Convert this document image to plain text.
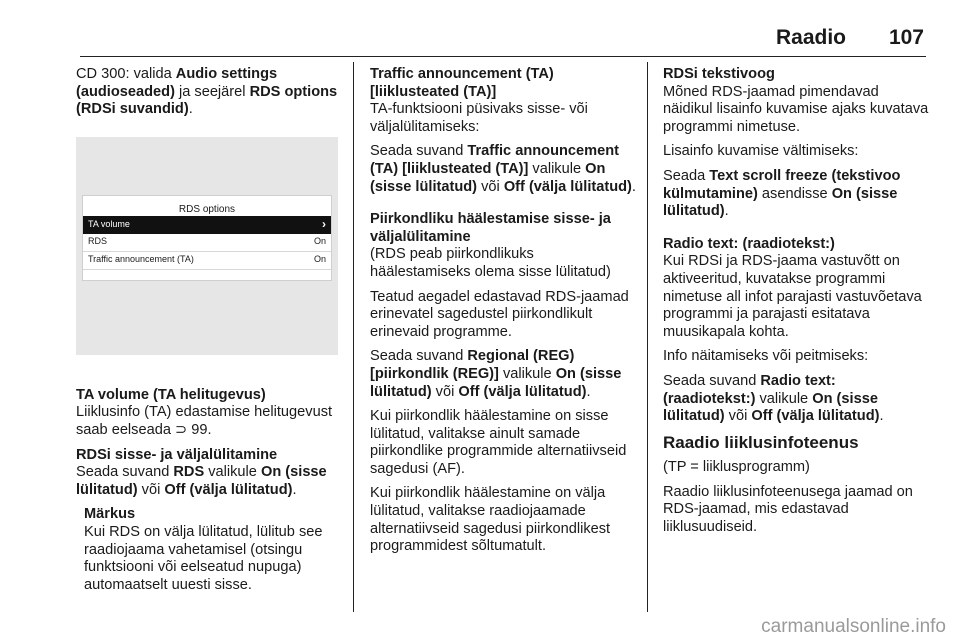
Raadio 107

CD 300: valida Audio settings (audioseaded) ja seejärel RDS options (RDSi suvandid).

RDS options
TA volume	›
RDS	On
Traffic announcement (TA)	On
TA volume (TA helitugevus)

Liiklusinfo (TA) edastamise helitugevust saab eelseada ⊃ 99.

RDSi sisse- ja väljalülitamine

Seada suvand RDS valikule On (sisse lülitatud) või Off (välja lülitatud).

Märkus

Kui RDS on välja lülitatud, lülitub see raadiojaama vahetamisel (otsingu funktsiooni või eelseatud nupuga) automaatselt uuesti sisse.

Traffic announcement (TA) [liiklusteated (TA)]

TA-funktsiooni püsivaks sisse- või väljalülitamiseks:

Seada suvand Traffic announcement (TA) [liiklusteated (TA)] valikule On (sisse lülitatud) või Off (välja lülitatud).

Piirkondliku häälestamise sisse- ja väljalülitamine

(RDS peab piirkondlikuks häälestamiseks olema sisse lülitatud)

Teatud aegadel edastavad RDS-jaamad erinevatel sagedustel piirkondlikult erinevaid programme.

Seada suvand Regional (REG) [piirkondlik (REG)] valikule On (sisse lülitatud) või Off (välja lülitatud).

Kui piirkondlik häälestamine on sisse lülitatud, valitakse ainult samade piirkondlike programmide alternatiivseid sagedusi (AF).

Kui piirkondlik häälestamine on välja lülitatud, valitakse raadiojaamade alternatiivseid sagedusi piirkondlikest programmidest sõltumatult.

RDSi tekstivoog

Mõned RDS-jaamad pimendavad näidikul lisainfo kuvamise ajaks kuvatava programmi nimetuse.

Lisainfo kuvamise vältimiseks:

Seada Text scroll freeze (tekstivoo külmutamine) asendisse On (sisse lülitatud).

Radio text: (raadiotekst:)

Kui RDSi ja RDS-jaama vastuvõtt on aktiveeritud, kuvatakse programmi nimetuse all infot parajasti vastuvõetava programmi ja parajasti esitatava muusikapala kohta.

Info näitamiseks või peitmiseks:

Seada suvand Radio text: (raadiotekst:) valikule On (sisse lülitatud) või Off (välja lülitatud).

Raadio liiklusinfoteenus

(TP = liiklusprogramm)

Raadio liiklusinfoteenusega jaamad on RDS-jaamad, mis edastavad liiklusuudiseid.

carmanualsonline.info
